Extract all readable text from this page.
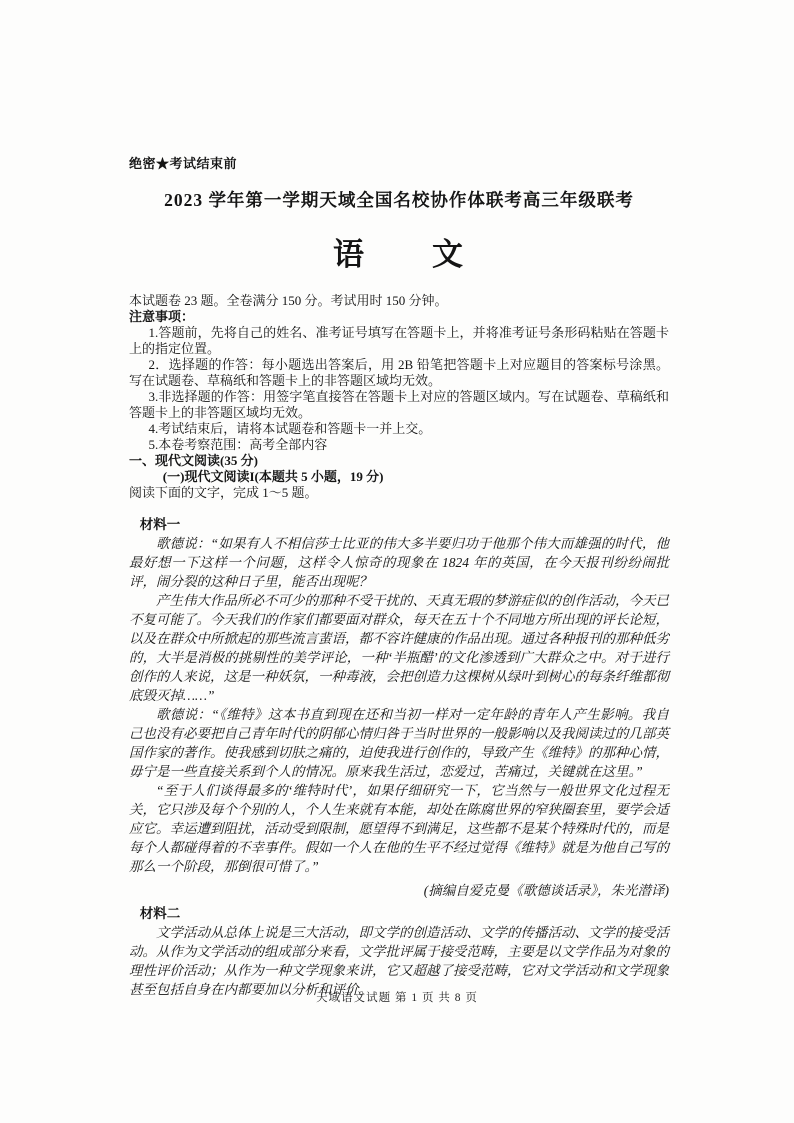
绝密★考试结束前
2023 学年第一学期天域全国名校协作体联考高三年级联考
语　　文

本试题卷 23 题。全卷满分 150 分。考试用时 150 分钟。

注意事项：

1.答题前，先将自己的姓名、准考证号填写在答题卡上，并将准考证号条形码粘贴在答题卡上的指定位置。

2．选择题的作答：每小题选出答案后，用 2B 铅笔把答题卡上对应题目的答案标号涂黑。写在试题卷、草稿纸和答题卡上的非答题区域均无效。

3.非选择题的作答：用签字笔直接答在答题卡上对应的答题区域内。写在试题卷、草稿纸和答题卡上的非答题区域均无效。

4.考试结束后，请将本试题卷和答题卡一并上交。

5.本卷考察范围：高考全部内容

一、现代文阅读(35 分)

(一)现代文阅读I(本题共 5 小题，19 分)

阅读下面的文字，完成 1～5 题。

材料一

歌德说：“如果有人不相信莎士比亚的伟大多半要归功于他那个伟大而雄强的时代，他最好想一下这样一个问题，这样令人惊奇的现象在 1824 年的英国，在今天报刊纷纷闹批评，闹分裂的这种日子里，能否出现呢？

产生伟大作品所必不可少的那种不受干扰的、天真无瑕的梦游症似的创作活动，今天已不复可能了。今天我们的作家们都要面对群众，每天在五十个不同地方所出现的评长论短，以及在群众中所掀起的那些流言蜚语，都不容许健康的作品出现。通过各种报刊的那种低劣的，大半是消极的挑剔性的美学评论，一种‘半瓶醋’的文化渗透到广大群众之中。对于进行创作的人来说，这是一种妖氛，一种毒液，会把创造力这棵树从绿叶到树心的每条纤维都彻底毁灭掉……”

歌德说：“《维特》这本书直到现在还和当初一样对一定年龄的青年人产生影响。我自己也没有必要把自己青年时代的阴郁心情归咎于当时世界的一般影响以及我阅读过的几部英国作家的著作。使我感到切肤之痛的，迫使我进行创作的，导致产生《维特》的那种心情，毋宁是一些直接关系到个人的情况。原来我生活过，恋爱过，苦痛过，关键就在这里。”

“至于人们谈得最多的‘维特时代’，如果仔细研究一下，它当然与一般世界文化过程无关，它只涉及每个个别的人，个人生来就有本能，却处在陈腐世界的窄狭圈套里，要学会适应它。幸运遭到阻扰，活动受到限制，愿望得不到满足，这些都不是某个特殊时代的，而是每个人都碰得着的不幸事件。假如一个人在他的生平不经过觉得《维特》就是为他自己写的那么一个阶段，那倒很可惜了。”

(摘编自爱克曼《歌德谈话录》，朱光潜译)

材料二

文学活动从总体上说是三大活动，即文学的创造活动、文学的传播活动、文学的接受活动。从作为文学活动的组成部分来看，文学批评属于接受范畴，主要是以文学作品为对象的理性评价活动；从作为一种文学现象来讲，它又超越了接受范畴，它对文学活动和文学现象甚至包括自身在内都要加以分析和评价。

天域语文试题 第 1 页 共 8 页
